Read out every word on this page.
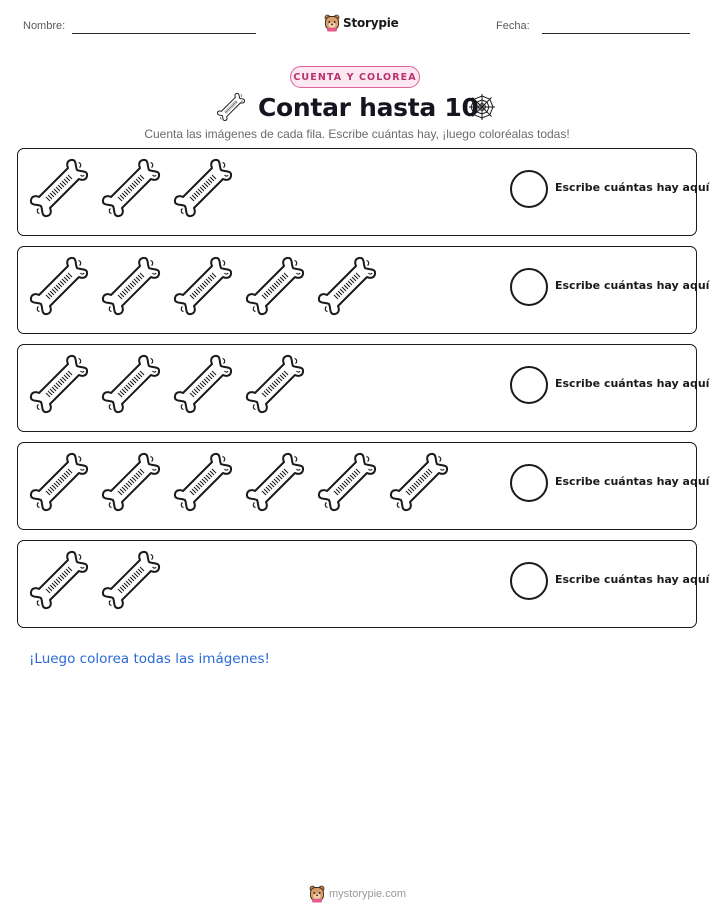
Nombre:	Storypie	Fecha:
CUENTA Y COLOREA
Contar hasta 10
Cuenta las imágenes de cada fila. Escribe cuántas hay, ¡luego coloréalas todas!
Escribe cuántas hay aquí
Escribe cuántas hay aquí
Escribe cuántas hay aquí
Escribe cuántas hay aquí
Escribe cuántas hay aquí
¡Luego colorea todas las imágenes!
mystorypie.com
